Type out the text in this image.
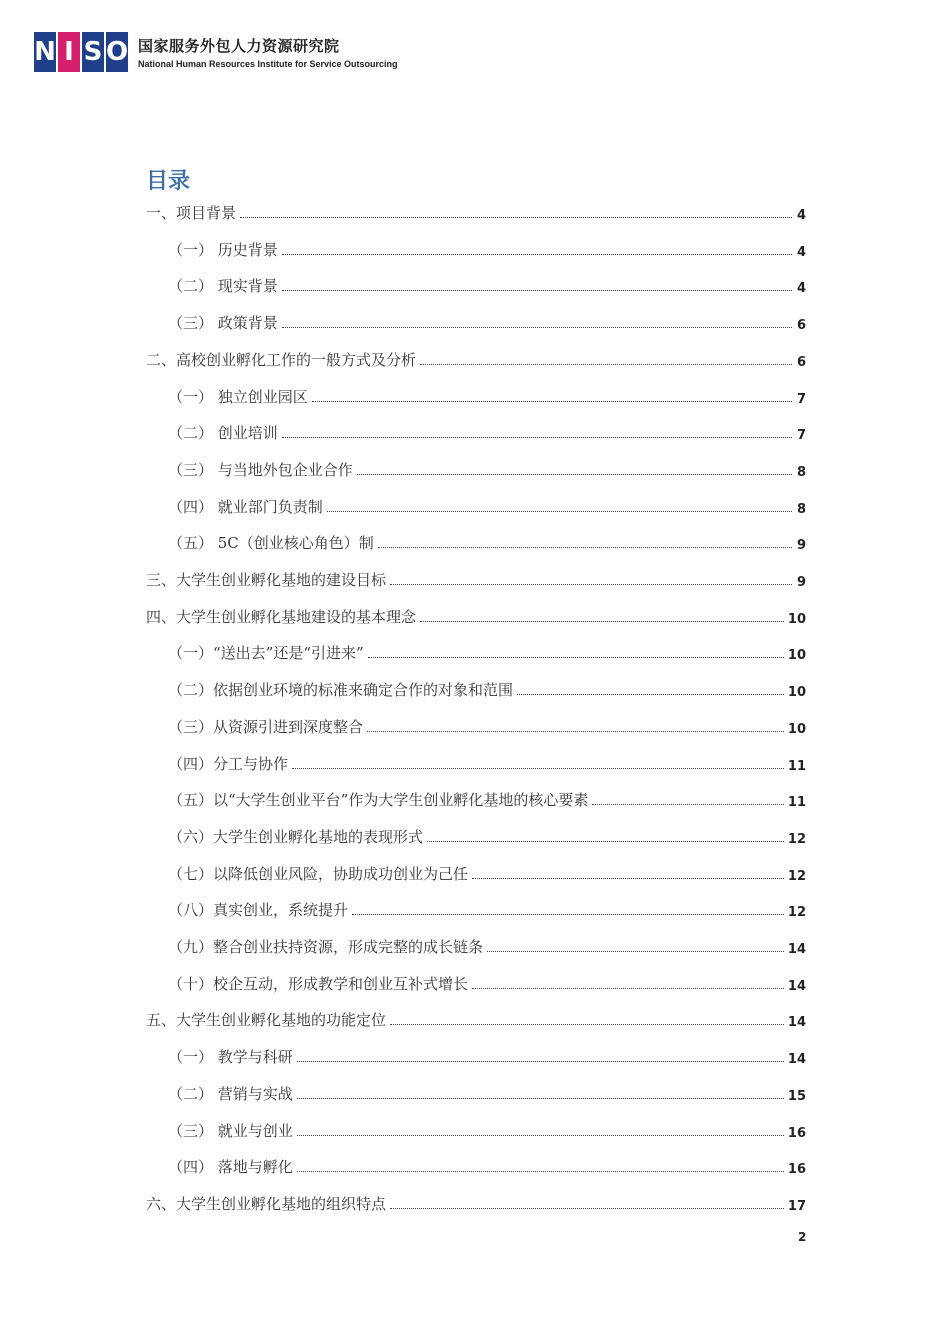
N I S O 国家服务外包人力资源研究院
National Human Resources Institute for Service Outsourcing
目录
一、项目背景	4
（一） 历史背景	4
（二） 现实背景	4
（三） 政策背景	6
二、高校创业孵化工作的一般方式及分析	6
（一） 独立创业园区	7
（二） 创业培训	7
（三） 与当地外包企业合作	8
（四） 就业部门负责制	8
（五） 5C（创业核心角色）制	9
三、大学生创业孵化基地的建设目标	9
四、大学生创业孵化基地建设的基本理念	10
（一）“送出去”还是“引进来”	10
（二）依据创业环境的标准来确定合作的对象和范围	10
（三）从资源引进到深度整合	10
（四）分工与协作	11
（五）以“大学生创业平台”作为大学生创业孵化基地的核心要素	11
（六）大学生创业孵化基地的表现形式	12
（七）以降低创业风险，协助成功创业为己任	12
（八）真实创业，系统提升	12
（九）整合创业扶持资源，形成完整的成长链条	14
（十）校企互动，形成教学和创业互补式增长	14
五、大学生创业孵化基地的功能定位	14
（一） 教学与科研	14
（二） 营销与实战	15
（三） 就业与创业	16
（四） 落地与孵化	16
六、大学生创业孵化基地的组织特点	17
2
